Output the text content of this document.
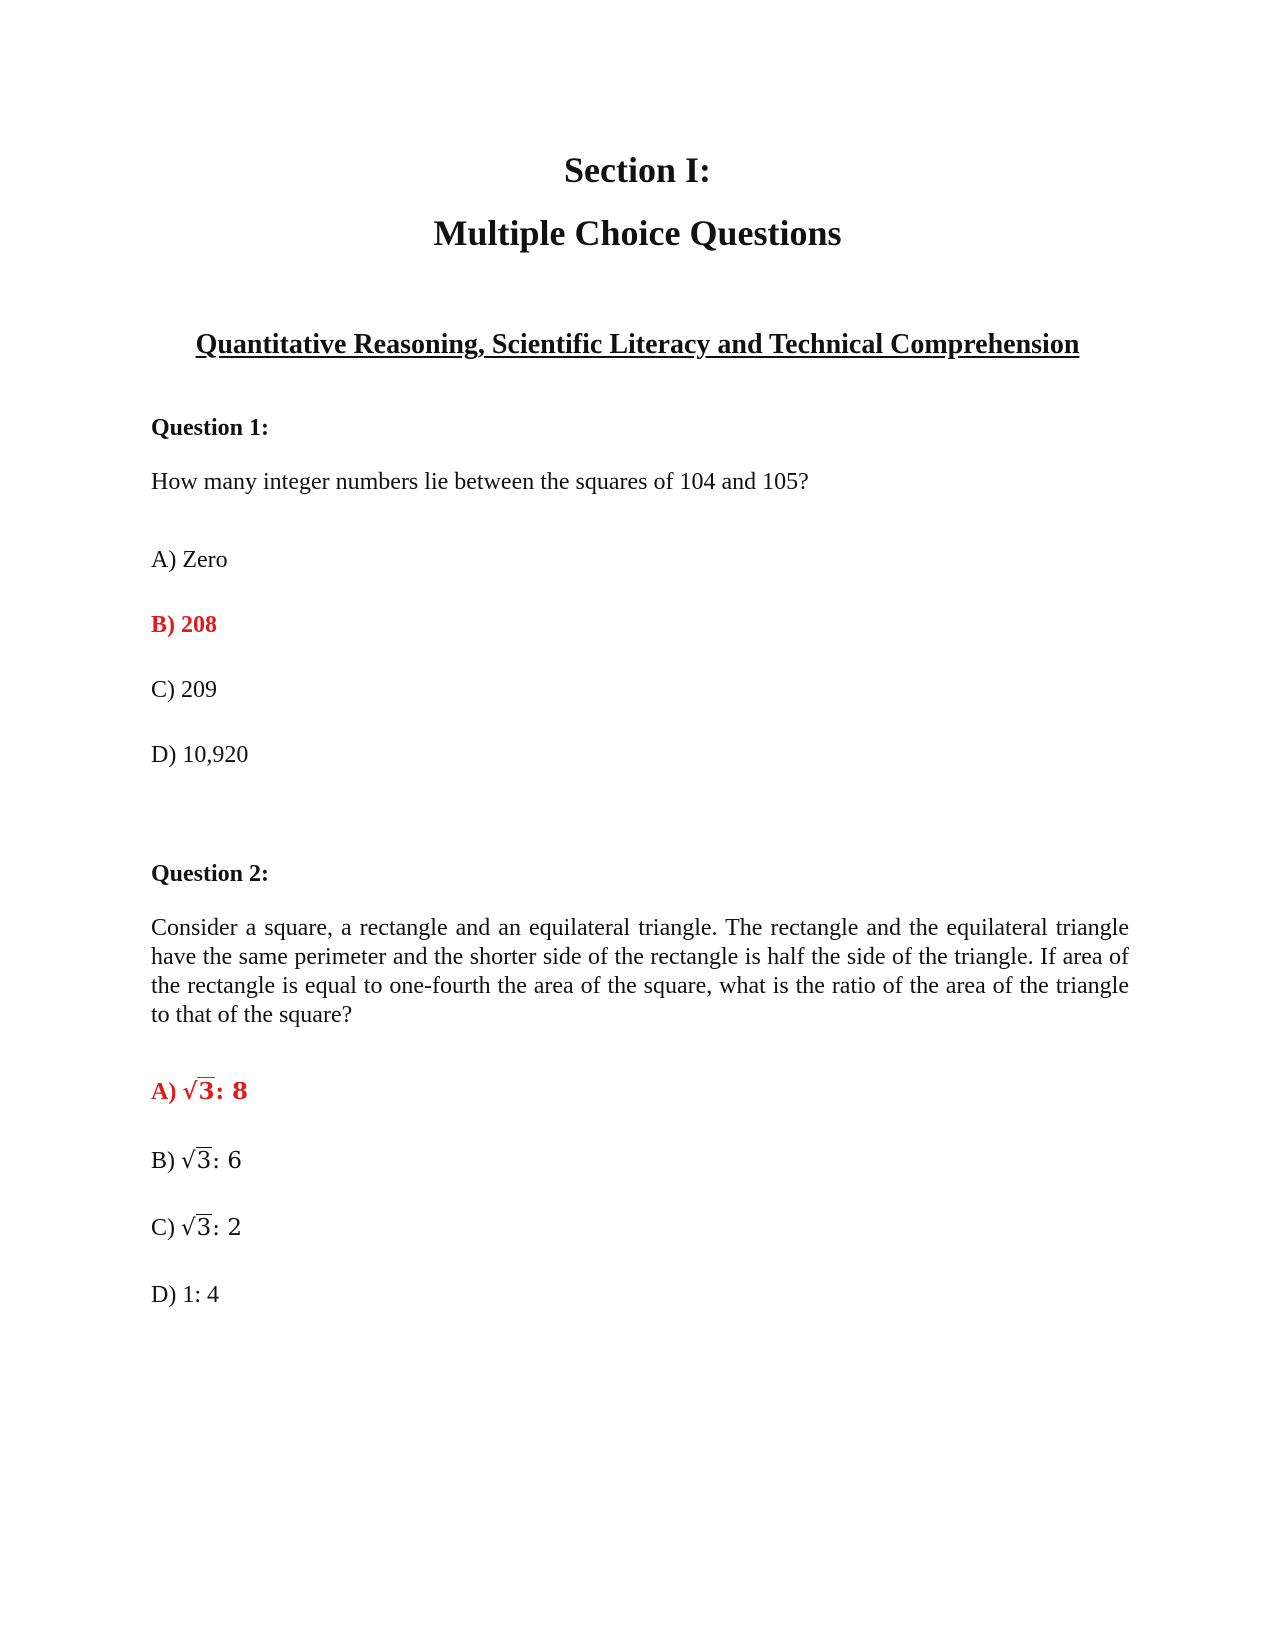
Section I:
Multiple Choice Questions
Quantitative Reasoning, Scientific Literacy and Technical Comprehension

Question 1:

How many integer numbers lie between the squares of 104 and 105?

A) Zero

B) 208

C) 209

D) 10,920

Question 2:

Consider a square, a rectangle and an equilateral triangle. The rectangle and the equilateral triangle have the same perimeter and the shorter side of the rectangle is half the side of the triangle. If area of the rectangle is equal to one-fourth the area of the square, what is the ratio of the area of the triangle to that of the square?

A) √3: 8

B) √3: 6

C) √3: 2

D) 1: 4
